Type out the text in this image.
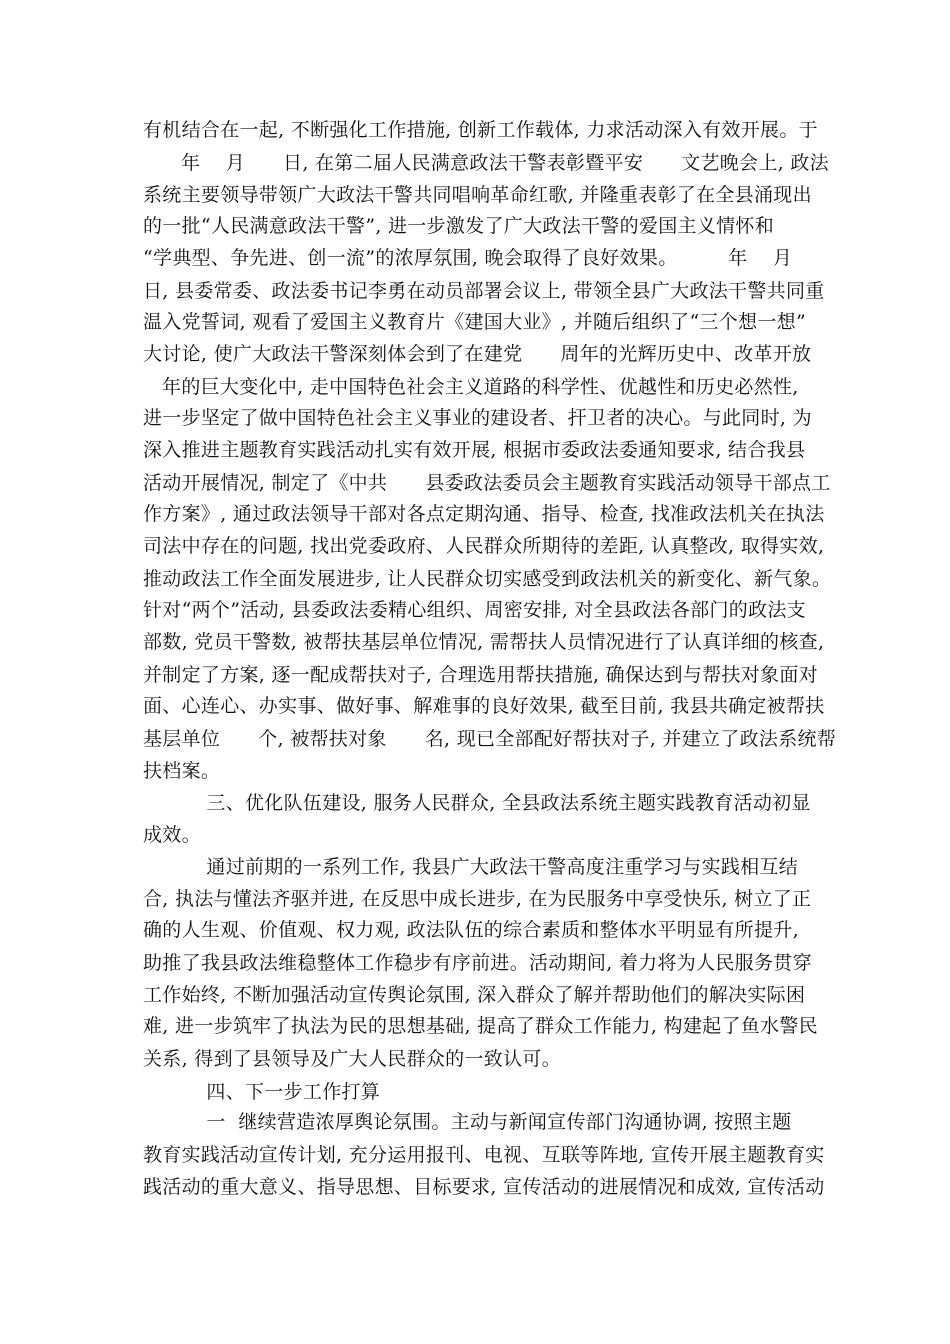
有机结合在一起, 不断强化工作措施, 创新工作载体, 力求活动深入有效开展。于
年    月      日, 在第二届人民满意政法干警表彰暨平安      文艺晚会上, 政法
系统主要领导带领广大政法干警共同唱响革命红歌, 并隆重表彰了在全县涌现出
的一批“人民满意政法干警”, 进一步激发了广大政法干警的爱国主义情怀和
“学典型、争先进、创一流”的浓厚氛围, 晚会取得了良好效果。        年    月
日, 县委常委、政法委书记李勇在动员部署会议上, 带领全县广大政法干警共同重
温入党誓词, 观看了爱国主义教育片《建国大业》, 并随后组织了“三个想一想”
大讨论, 使广大政法干警深刻体会到了在建党      周年的光辉历史中、改革开放
年的巨大变化中, 走中国特色社会主义道路的科学性、优越性和历史必然性,
进一步坚定了做中国特色社会主义事业的建设者、扞卫者的决心。与此同时, 为
深入推进主题教育实践活动扎实有效开展, 根据市委政法委通知要求, 结合我县
活动开展情况, 制定了《中共      县委政法委员会主题教育实践活动领导干部点工
作方案》, 通过政法领导干部对各点定期沟通、指导、检查, 找准政法机关在执法
司法中存在的问题, 找出党委政府、人民群众所期待的差距, 认真整改, 取得实效,
推动政法工作全面发展进步, 让人民群众切实感受到政法机关的新变化、新气象。
针对“两个”活动, 县委政法委精心组织、周密安排, 对全县政法各部门的政法支
部数, 党员干警数, 被帮扶基层单位情况, 需帮扶人员情况进行了认真详细的核查,
并制定了方案, 逐一配成帮扶对子, 合理选用帮扶措施, 确保达到与帮扶对象面对
面、心连心、办实事、做好事、解难事的良好效果, 截至目前, 我县共确定被帮扶
基层单位      个, 被帮扶对象      名, 现已全部配好帮扶对子, 并建立了政法系统帮
扶档案。
三、优化队伍建设, 服务人民群众, 全县政法系统主题实践教育活动初显
成效。
通过前期的一系列工作, 我县广大政法干警高度注重学习与实践相互结
合, 执法与懂法齐驱并进, 在反思中成长进步, 在为民服务中享受快乐, 树立了正
确的人生观、价值观、权力观, 政法队伍的综合素质和整体水平明显有所提升,
助推了我县政法维稳整体工作稳步有序前进。活动期间, 着力将为人民服务贯穿
工作始终, 不断加强活动宣传舆论氛围, 深入群众了解并帮助他们的解决实际困
难, 进一步筑牢了执法为民的思想基础, 提高了群众工作能力, 构建起了鱼水警民
关系, 得到了县领导及广大人民群众的一致认可。
四、下一步工作打算
一  继续营造浓厚舆论氛围。主动与新闻宣传部门沟通协调, 按照主题
教育实践活动宣传计划, 充分运用报刊、电视、互联等阵地, 宣传开展主题教育实
践活动的重大意义、指导思想、目标要求, 宣传活动的进展情况和成效, 宣传活动
